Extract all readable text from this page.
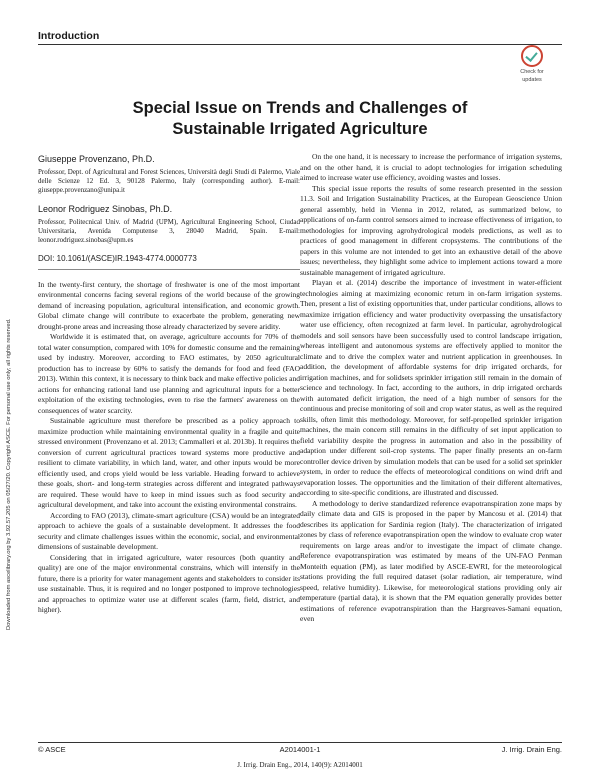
Introduction
Check for
updates
Special Issue on Trends and Challenges of
Sustainable Irrigated Agriculture
Downloaded from ascelibrary.org by 3.92.57.205 on 05/27/20. Copyright ASCE. For personal use only; all rights reserved.
Giuseppe Provenzano, Ph.D.
Professor, Dept. of Agricultural and Forest Sciences, Università degli Studi di Palermo, Viale delle Scienze 12 Ed. 3, 90128 Palermo, Italy (corresponding author). E-mail: giuseppe.provenzano@unipa.it
Leonor Rodriguez Sinobas, Ph.D.
Professor, Politecnical Univ. of Madrid (UPM), Agricultural Engineering School, Ciudad Universitaria, Avenida Computense 3, 28040 Madrid, Spain. E-mail: leonor.rodriguez.sinobas@upm.es
DOI: 10.1061/(ASCE)IR.1943-4774.0000773

In the twenty-first century, the shortage of freshwater is one of the most important environmental concerns facing several regions of the world because of the growing demand of increasing population, agricultural intensification, and economic growth. Global climate change will contribute to exacerbate the problem, generating new drought-prone areas and increasing those already characterized by severe aridity.

Worldwide it is estimated that, on average, agriculture accounts for 70% of the total water consumption, compared with 10% for domestic consume and the remaining used by industry. Moreover, according to FAO estimates, by 2050 agricultural production has to increase by 60% to satisfy the demands for food and feed (FAO 2013). Within this context, it is necessary to think back and make effective policies and actions for enhancing rational land use planning and agricultural inputs for a better exploitation of the existing technologies, even to rise the farmers' awareness on the consequences of water scarcity.

Sustainable agriculture must therefore be prescribed as a policy approach to maximize production while maintaining environmental quality in a fragile and quite stressed environment (Provenzano et al. 2013; Cammalleri et al. 2013b). It requires the conversion of current agricultural practices toward systems more productive and resilient to climate variability, in which land, water, and other inputs would be more efficiently used, and crops yield would be less variable. Heading forward to achieve these goals, short- and long-term strategies across different and integrated pathways are required. These would have to keep in mind issues such as food security and agricultural development, and take into account the existing environmental constrains.

According to FAO (2013), climate-smart agriculture (CSA) would be an integrated approach to achieve the goals of a sustainable development. It addresses the food security and climate challenges issues within the economic, social, and environmental dimensions of sustainable development.

Considering that in irrigated agriculture, water resources (both quantity and quality) are one of the major environmental constrains, which will intensify in the future, there is a priority for water management agents and stakeholders to consider its use sustainable. Thus, it is required and no longer postponed to improve technologies and approaches to optimize water use at different scales (farm, field, district, and higher).

On the one hand, it is necessary to increase the performance of irrigation systems, and on the other hand, it is crucial to adopt technologies for irrigation scheduling aimed to increase water use efficiency, avoiding wastes and losses.

This special issue reports the results of some research presented in the session 11.3. Soil and Irrigation Sustainability Practices, at the European Geoscience Union general assembly, held in Vienna in 2012, related, as summarized below, to applications of on-farm control sensors aimed to increase effectiveness of irrigation, to methodologies for improving agrohydrological models predictions, as well as to practices of good management in different cropsystems. The contributions of the papers in this volume are not intended to get into an exhaustive detail of the above issues; nevertheless, they highlight some advice to implement actions toward a more sustainable management of irrigated agriculture.

Playan et al. (2014) describe the importance of investment in water-efficient technologies aiming at maximizing economic return in on-farm irrigation systems. Then, present a list of existing opportunities that, under particular conditions, allows to maximize irrigation efficiency and water productivity overpassing the unsatisfactory water use efficiency, often recognized at farm level. In particular, agrohydrological models and soil sensors have been successfully used to control landscape irrigation, whereas intelligent and autonomous systems are effectively applied to monitor the climate and to drive the complex water and nutrient application in greenhouses. In addition, the development of affordable systems for drip irrigated orchards, for irrigation machines, and for solidsets sprinkler irrigation still remain in the domain of science and technology. In fact, according to the authors, in drip irrigated orchards with automated deficit irrigation, the need of a high number of sensors for the continuous and precise monitoring of soil and crop water status, as well as the required skills, often limit this methodology. Moreover, for self-propelled sprinkler irrigation machines, the main concern still remains in the difficulty of set input application to field variability despite the progress in automation and also in the possibility of adaption under different soil-crop systems. The paper finally presents an on-farm controller device driven by simulation models that can be used for a solid set sprinkler system, in order to reduce the effects of meteorological conditions on wind drift and evaporation losses. The opportunities and the limitation of their different alternatives, according to site-specific conditions, are illustrated and discussed.

A methodology to derive standardized reference evapotranspiration zone maps by daily climate data and GIS is proposed in the paper by Mancosu et al. (2014) that describes its application for Sardinia region (Italy). The characterization of irrigated zones by class of reference evapotranspiration open the window to evaluate crop water requirements on large areas and/or to investigate the impact of climate change. Reference evapotranspiration was estimated by means of the UN-FAO Penman Monteith equation (PM), as later modified by ASCE-EWRI, for the meteorological stations providing the full required dataset (solar radiation, air temperature, wind speed, relative humidity). Likewise, for meteorological stations providing only air temperature (partial data), it is shown that the PM equation generally provides better estimations of reference evapotranspiration than the Hargreaves-Samani equation, even

© ASCE	A2014001-1	J. Irrig. Drain Eng.
J. Irrig. Drain Eng., 2014, 140(9): A2014001
